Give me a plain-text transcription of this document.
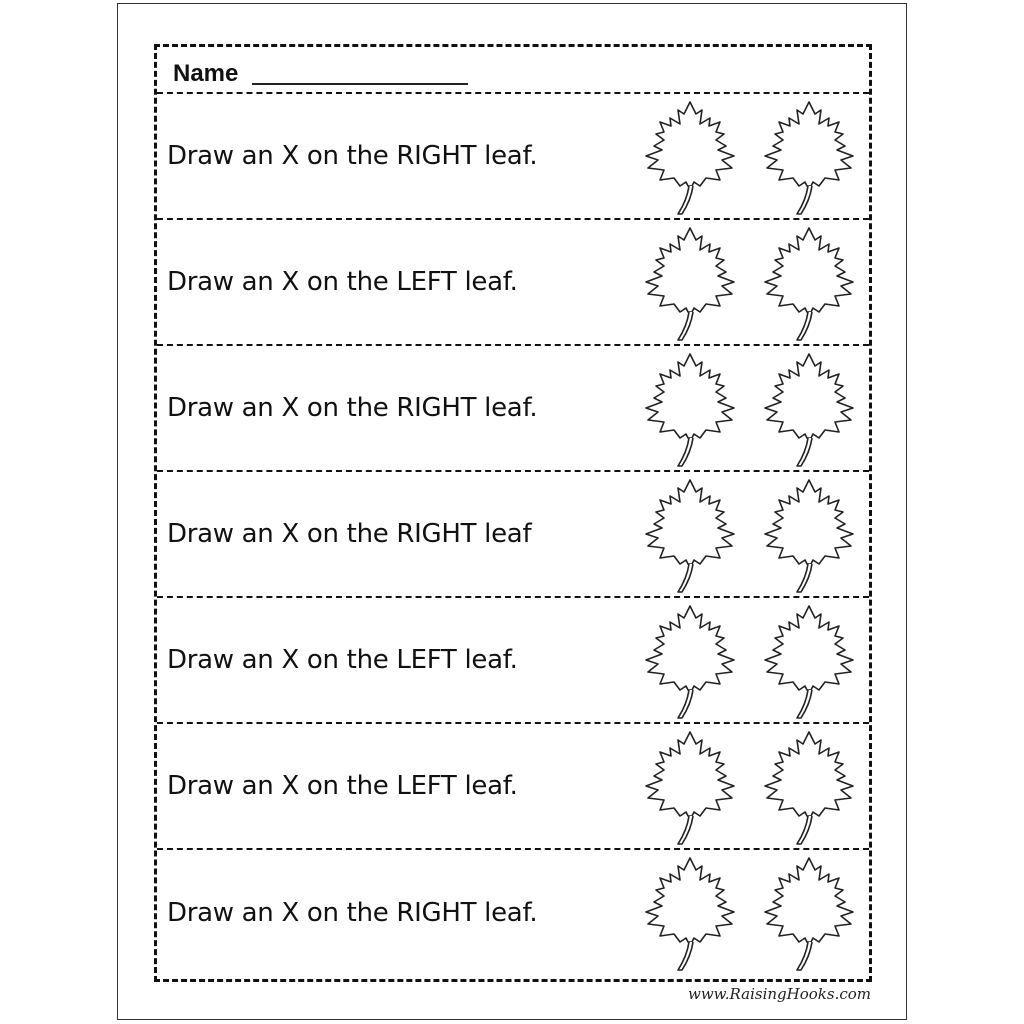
Name
Draw an X on the RIGHT leaf.
Draw an X on the LEFT leaf.
Draw an X on the RIGHT leaf.
Draw an X on the RIGHT leaf
Draw an X on the LEFT leaf.
Draw an X on the LEFT leaf.
Draw an X on the RIGHT leaf.
www.RaisingHooks.com
